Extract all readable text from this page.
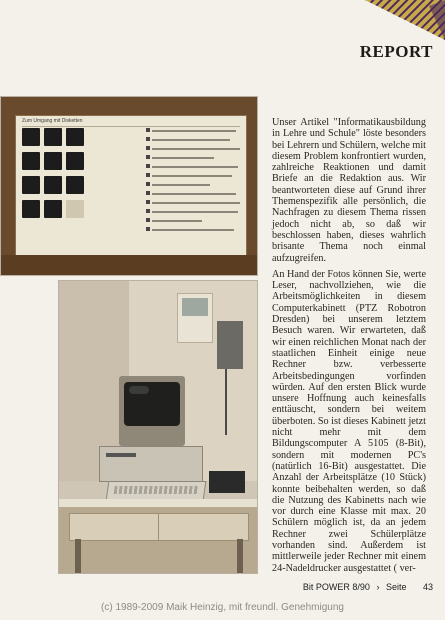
REPORT
Zum Umgang mit Disketten	Unser Artikel "Informatikausbildung in Lehre und Schule" löste besonders bei Lehrern und Schülern, welche mit diesem Problem konfrontiert wurden, zahlreiche Reaktionen und damit Briefe an die Redaktion aus. Wir beantworteten diese auf Grund ihrer Themenspezifik alle persönlich, die Nachfragen zu diesem Thema rissen jedoch nicht ab, so daß wir beschlossen haben, dieses wahrlich brisante Thema noch einmal aufzugreifen.

An Hand der Fotos können Sie, werte Leser, nachvollziehen, wie die Arbeitsmöglichkeiten in diesem Computerkabinett (PTZ Robotron Dresden) bei unserem letztem Besuch waren. Wir erwarteten, daß wir einen reichlichen Monat nach der staatlichen Einheit einige neue Rechner bzw. verbesserte Arbeitsbedingungen vorfinden würden. Auf den ersten Blick wurde unsere Hoffnung auch keinesfalls enttäuscht, sondern bei weitem überboten. So ist dieses Kabinett jetzt nicht mehr mit dem Bildungscomputer A 5105 (8-Bit), sondern mit modernen PC's (natürlich 16-Bit) ausgestattet. Die Anzahl der Arbeitsplätze (10 Stück) konnte beibehalten werden, so daß die Nutzung des Kabinetts nach wie vor durch eine Klasse mit max. 20 Schülern möglich ist, da an jedem Rechner zwei Schülerplätze vorhanden sind. Außerdem ist mittlerweile jeder Rechner mit einem 24-Nadeldrucker ausgestattet ( ver-

Bit POWER 8/90 › Seite 43
(c) 1989-2009 Maik Heinzig, mit freundl. Genehmigung
